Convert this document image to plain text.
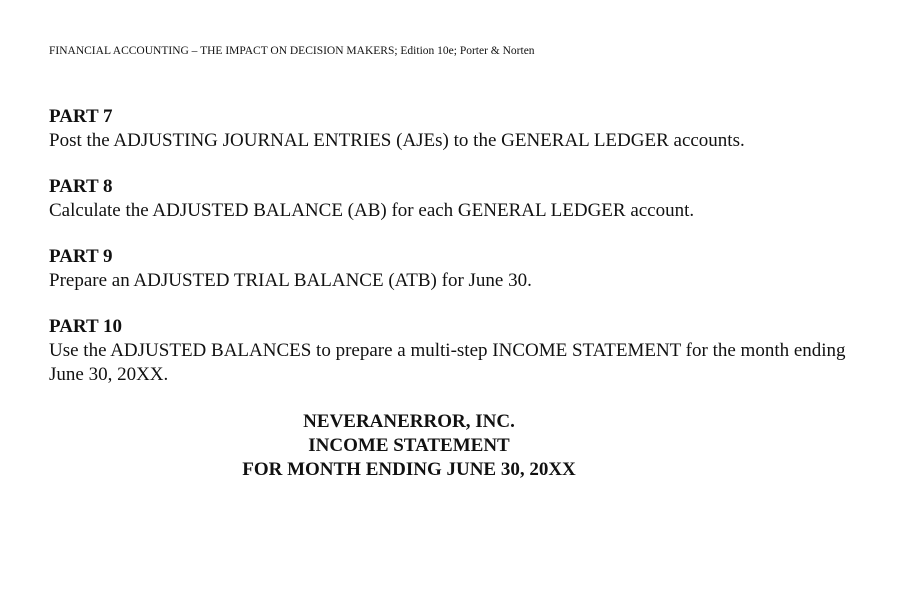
FINANCIAL ACCOUNTING – THE IMPACT ON DECISION MAKERS; Edition 10e; Porter & Norten
PART 7
Post the ADJUSTING JOURNAL ENTRIES (AJEs) to the GENERAL LEDGER accounts.
PART 8
Calculate the ADJUSTED BALANCE (AB) for each GENERAL LEDGER account.
PART 9
Prepare an ADJUSTED TRIAL BALANCE (ATB) for June 30.
PART 10
Use the ADJUSTED BALANCES to prepare a multi-step INCOME STATEMENT for the month ending June 30, 20XX.
NEVERANERROR, INC.
INCOME STATEMENT
FOR MONTH ENDING JUNE 30, 20XX
